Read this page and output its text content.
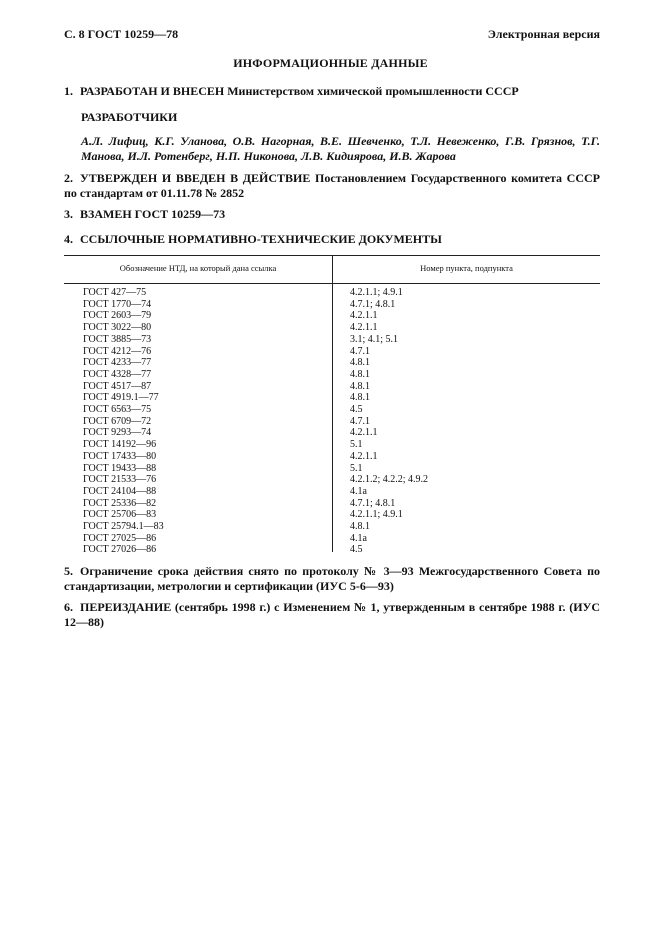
С. 8 ГОСТ 10259—78	Электронная версия
ИНФОРМАЦИОННЫЕ ДАННЫЕ
1. РАЗРАБОТАН И ВНЕСЕН Министерством химической промышленности СССР
РАЗРАБОТЧИКИ
А.Л. Лифиц, К.Г. Уланова, О.В. Нагорная, В.Е. Шевченко, Т.Л. Невеженко, Г.В. Грязнов, Т.Г. Манова, И.Л. Ротенберг, Н.П. Никонова, Л.В. Кидиярова, И.В. Жарова
2. УТВЕРЖДЕН И ВВЕДЕН В ДЕЙСТВИЕ Постановлением Государственного комитета СССР по стандартам от 01.11.78 № 2852
3. ВЗАМЕН ГОСТ 10259—73
4. ССЫЛОЧНЫЕ НОРМАТИВНО-ТЕХНИЧЕСКИЕ ДОКУМЕНТЫ
Обозначение НТД, на который дана ссылка	Номер пункта, подпункта
ГОСТ 427—75
ГОСТ 1770—74
ГОСТ 2603—79
ГОСТ 3022—80
ГОСТ 3885—73
ГОСТ 4212—76
ГОСТ 4233—77
ГОСТ 4328—77
ГОСТ 4517—87
ГОСТ 4919.1—77
ГОСТ 6563—75
ГОСТ 6709—72
ГОСТ 9293—74
ГОСТ 14192—96
ГОСТ 17433—80
ГОСТ 19433—88
ГОСТ 21533—76
ГОСТ 24104—88
ГОСТ 25336—82
ГОСТ 25706—83
ГОСТ 25794.1—83
ГОСТ 27025—86
ГОСТ 27026—86
4.2.1.1; 4.9.1
4.7.1; 4.8.1
4.2.1.1
4.2.1.1
3.1; 4.1; 5.1
4.7.1
4.8.1
4.8.1
4.8.1
4.8.1
4.5
4.7.1
4.2.1.1
5.1
4.2.1.1
5.1
4.2.1.2; 4.2.2; 4.9.2
4.1а
4.7.1; 4.8.1
4.2.1.1; 4.9.1
4.8.1
4.1а
4.5
5. Ограничение срока действия снято по протоколу № 3—93 Межгосударственного Совета по стандартизации, метрологии и сертификации (ИУС 5-6—93)
6. ПЕРЕИЗДАНИЕ (сентябрь 1998 г.) с Изменением № 1, утвержденным в сентябре 1988 г. (ИУС 12—88)
